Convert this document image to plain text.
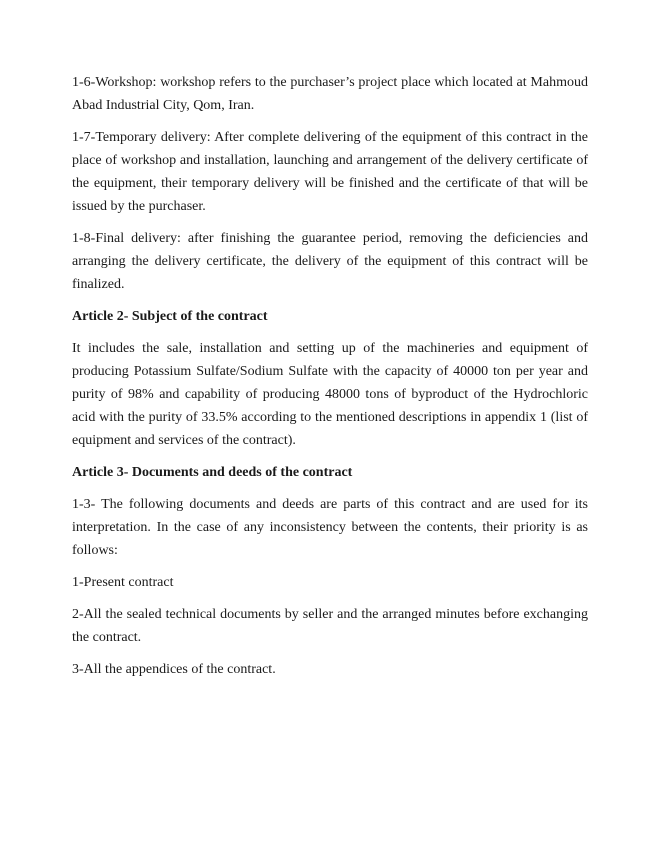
1-6-Workshop: workshop refers to the purchaser’s project place which located at Mahmoud Abad Industrial City, Qom, Iran.

1-7-Temporary delivery: After complete delivering of the equipment of this contract in the place of workshop and installation, launching and arrangement of the delivery certificate of the equipment, their temporary delivery will be finished and the certificate of that will be issued by the purchaser.

1-8-Final delivery: after finishing the guarantee period, removing the deficiencies and arranging the delivery certificate, the delivery of the equipment of this contract will be finalized.

Article 2- Subject of the contract

It includes the sale, installation and setting up of the machineries and equipment of producing Potassium Sulfate/Sodium Sulfate with the capacity of 40000 ton per year and purity of 98% and capability of producing 48000 tons of byproduct of the Hydrochloric acid with the purity of 33.5% according to the mentioned descriptions in appendix 1 (list of equipment and services of the contract).

Article 3- Documents and deeds of the contract

1-3- The following documents and deeds are parts of this contract and are used for its interpretation. In the case of any inconsistency between the contents, their priority is as follows:

1-Present contract

2-All the sealed technical documents by seller and the arranged minutes before exchanging the contract.

3-All the appendices of the contract.
